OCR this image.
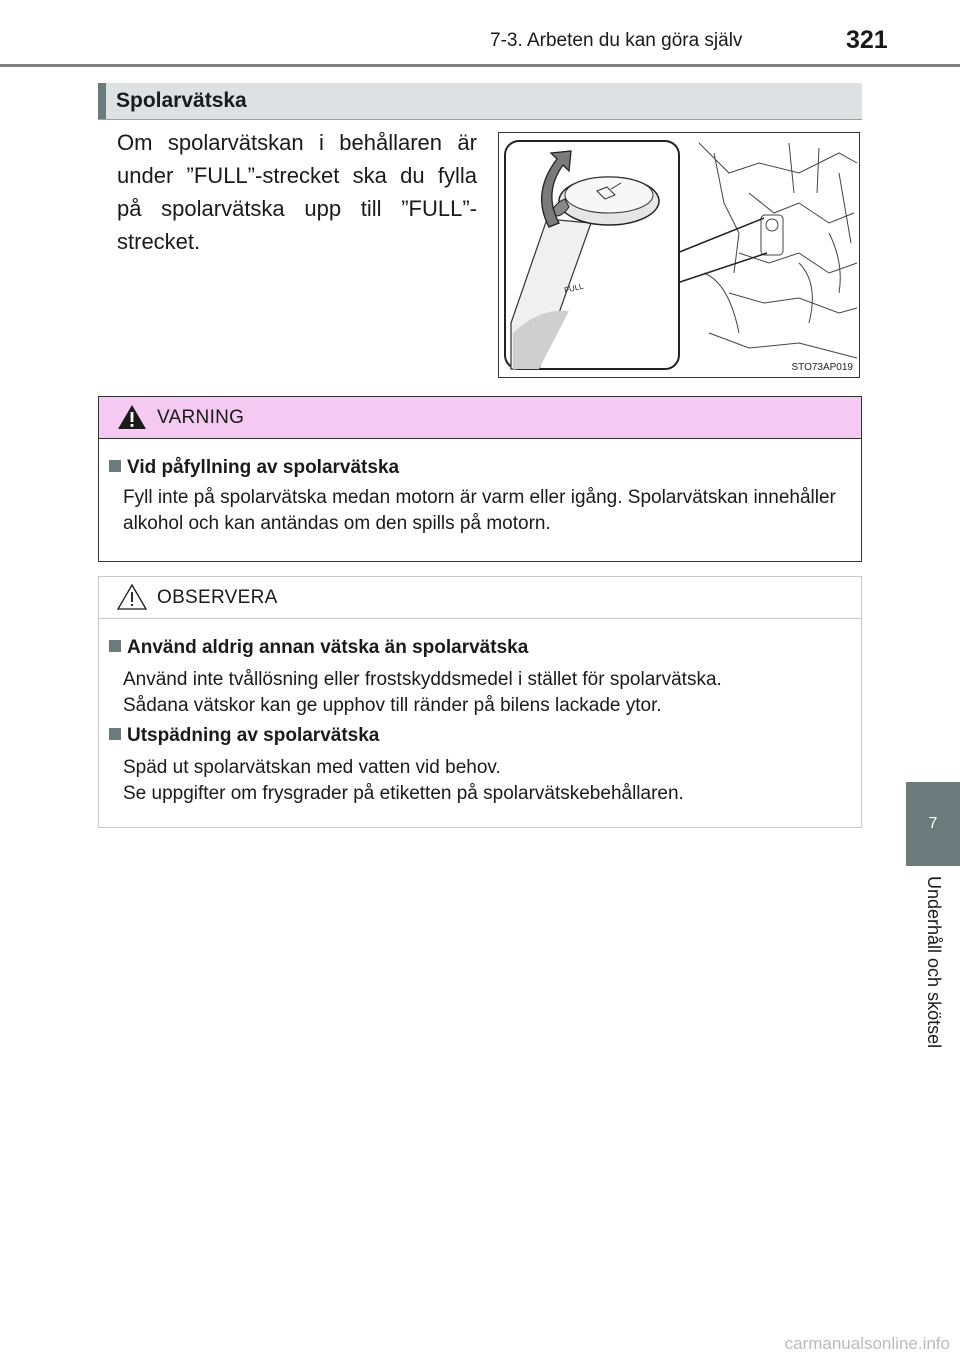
7-3. Arbeten du kan göra själv	321
7
Underhåll och skötsel
Spolarvätska
Om spolarvätskan i behållaren är under ”FULL”-strecket ska du fylla på spolarvätska upp till ”FULL”-strecket.
FULL
STO73AP019
VARNING
Vid påfyllning av spolarvätska
Fyll inte på spolarvätska medan motorn är varm eller igång. Spolarvätskan innehåller alkohol och kan antändas om den spills på motorn.
OBSERVERA
Använd aldrig annan vätska än spolarvätska
Använd inte tvållösning eller frostskyddsmedel i stället för spolarvätska.
Sådana vätskor kan ge upphov till ränder på bilens lackade ytor.
Utspädning av spolarvätska
Späd ut spolarvätskan med vatten vid behov.
Se uppgifter om frysgrader på etiketten på spolarvätskebehållaren.
carmanualsonline.info
